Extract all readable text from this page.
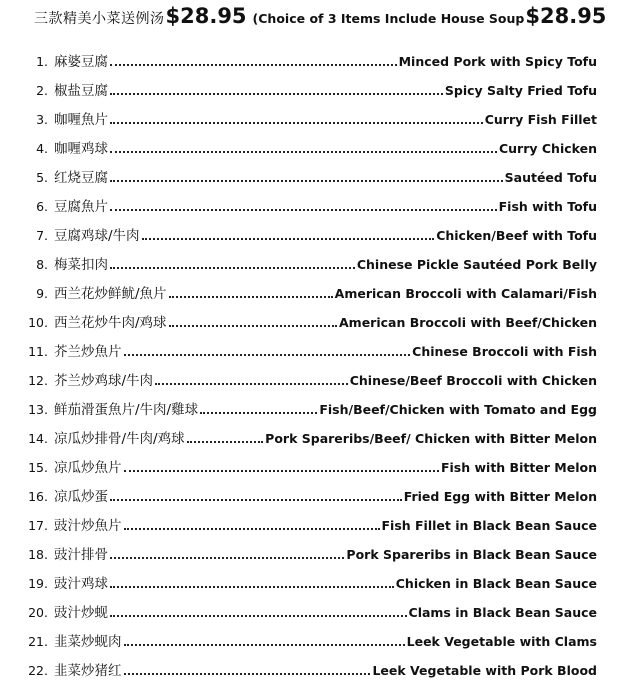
三款精美小菜送例汤 $28.95 (Choice of 3 Items Include House Soup $28.95
1. 麻婆豆腐	Minced Pork with Spicy Tofu
2. 椒盐豆腐	Spicy Salty Fried Tofu
3. 咖喱魚片	Curry Fish Fillet
4. 咖喱鸡球	Curry Chicken
5. 红烧豆腐	Sautéed Tofu
6. 豆腐魚片	Fish with Tofu
7. 豆腐鸡球/牛肉	Chicken/Beef with Tofu
8. 梅菜扣肉	Chinese Pickle Sautéed Pork Belly
9. 西兰花炒鲜鱿/魚片	American Broccoli with Calamari/Fish
10. 西兰花炒牛肉/鸡球	American Broccoli with Beef/Chicken
11. 芥兰炒魚片	Chinese Broccoli with Fish
12. 芥兰炒鸡球/牛肉	Chinese/Beef Broccoli with Chicken
13. 鲜茄滑蛋魚片/牛肉/雞球	Fish/Beef/Chicken with Tomato and Egg
14. 凉瓜炒排骨/牛肉/鸡球	Pork Spareribs/Beef/ Chicken with Bitter Melon
15. 凉瓜炒魚片	Fish with Bitter Melon
16. 凉瓜炒蛋	Fried Egg with Bitter Melon
17. 豉汁炒魚片	Fish Fillet in Black Bean Sauce
18. 豉汁排骨	Pork Spareribs in Black Bean Sauce
19. 豉汁鸡球	Chicken in Black Bean Sauce
20. 豉汁炒蚬	Clams in Black Bean Sauce
21. 韭菜炒蚬肉	Leek Vegetable with Clams
22. 韭菜炒猪红	Leek Vegetable with Pork Blood
